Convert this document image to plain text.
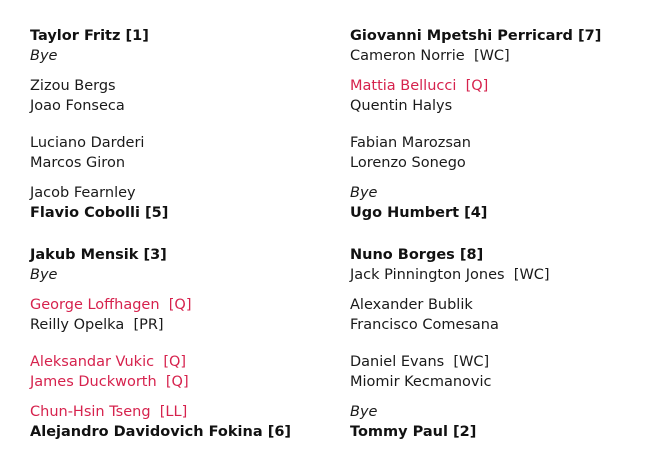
Taylor Fritz [1]
Bye
Zizou Bergs
Joao Fonseca
Luciano Darderi
Marcos Giron
Jacob Fearnley
Flavio Cobolli [5]
Jakub Mensik [3]
Bye
George Loffhagen [Q]
Reilly Opelka [PR]
Aleksandar Vukic [Q]
James Duckworth [Q]
Chun-Hsin Tseng [LL]
Alejandro Davidovich Fokina [6]
Giovanni Mpetshi Perricard [7]
Cameron Norrie [WC]
Mattia Bellucci [Q]
Quentin Halys
Fabian Marozsan
Lorenzo Sonego
Bye
Ugo Humbert [4]
Nuno Borges [8]
Jack Pinnington Jones [WC]
Alexander Bublik
Francisco Comesana
Daniel Evans [WC]
Miomir Kecmanovic
Bye
Tommy Paul [2]
